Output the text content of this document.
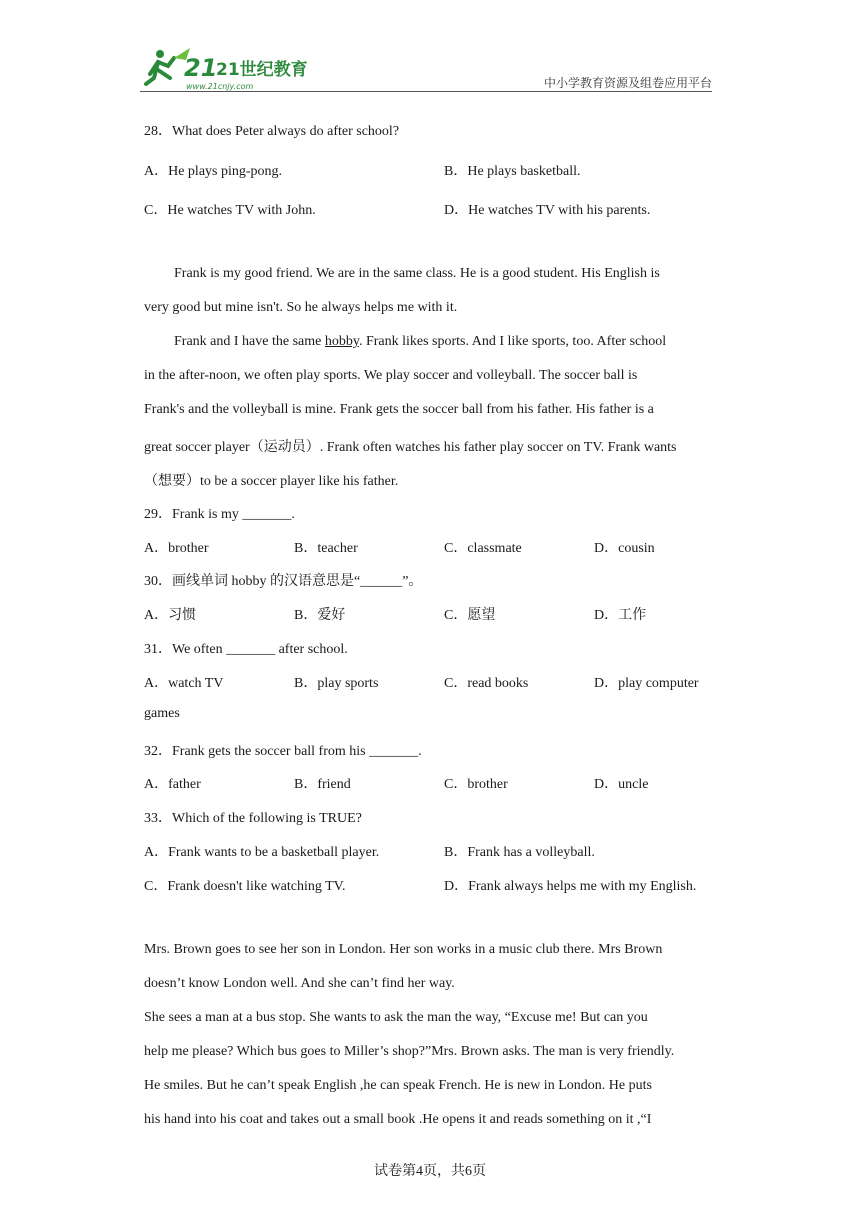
21
21世纪教育
www.21cnjy.com	中小学教育资源及组卷应用平台
28．What does Peter always do after school?
A．He plays ping-pong.	B．He plays basketball.
C．He watches TV with John.	D．He watches TV with his parents.
Frank is my good friend. We are in the same class. He is a good student. His English is
very good but mine isn't. So he always helps me with it.
Frank and I have the same hobby. Frank likes sports. And I like sports, too. After school
in the after-noon, we often play sports. We play soccer and volleyball. The soccer ball is
Frank's and the volleyball is mine. Frank gets the soccer ball from his father. His father is a
great soccer player（运动员）. Frank often watches his father play soccer on TV. Frank wants
（想要）to be a soccer player like his father.
29．Frank is my _______.
A．brother	B．teacher	C．classmate	D．cousin
30．画线单词 hobby 的汉语意思是“______”。
A．习惯	B．爱好	C．愿望	D．工作
31．We often _______ after school.
A．watch TV	B．play sports	C．read books	D．play computer
games
32．Frank gets the soccer ball from his _______.
A．father	B．friend	C．brother	D．uncle
33．Which of the following is TRUE?
A．Frank wants to be a basketball player.	B．Frank has a volleyball.
C．Frank doesn't like watching TV.	D．Frank always helps me with my English.
Mrs. Brown goes to see her son in London. Her son works in a music club there. Mrs Brown
doesn’t know London well. And she can’t find her way.
She sees a man at a bus stop. She wants to ask the man the way, “Excuse me! But can you
help me please? Which bus goes to Miller’s shop?”Mrs. Brown asks. The man is very friendly.
He smiles. But he can’t speak English ,he can speak French. He is new in London. He puts
his hand into his coat and takes out a small book .He opens it and reads something on it ,“I
试卷第4页，共6页
